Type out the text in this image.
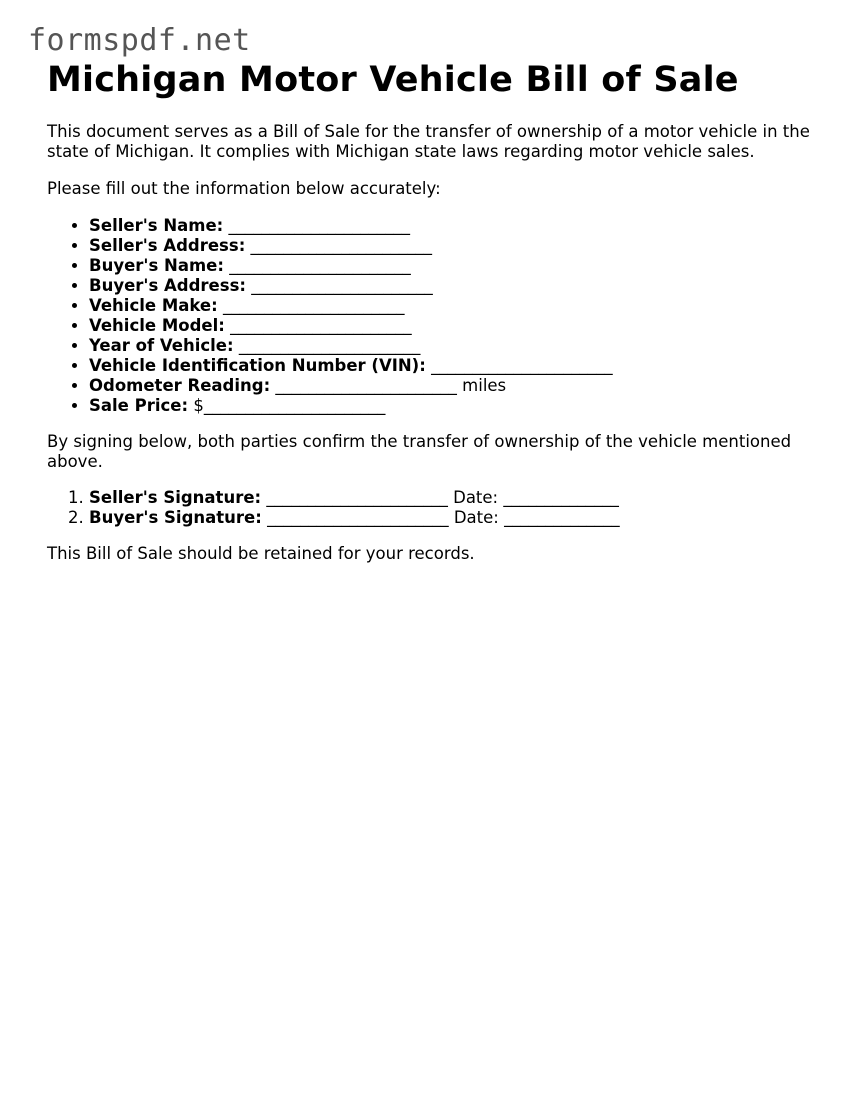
formspdf.net
Michigan Motor Vehicle Bill of Sale

This document serves as a Bill of Sale for the transfer of ownership of a motor vehicle in the state of Michigan. It complies with Michigan state laws regarding motor vehicle sales.

Please fill out the information below accurately:

• Seller's Name: ______________________
• Seller's Address: ______________________
• Buyer's Name: ______________________
• Buyer's Address: ______________________
• Vehicle Make: ______________________
• Vehicle Model: ______________________
• Year of Vehicle: ______________________
• Vehicle Identification Number (VIN): ______________________
• Odometer Reading: ______________________ miles
• Sale Price: $______________________

By signing below, both parties confirm the transfer of ownership of the vehicle mentioned above.

1. Seller's Signature: ______________________ Date: ______________
2. Buyer's Signature: ______________________ Date: ______________

This Bill of Sale should be retained for your records.
